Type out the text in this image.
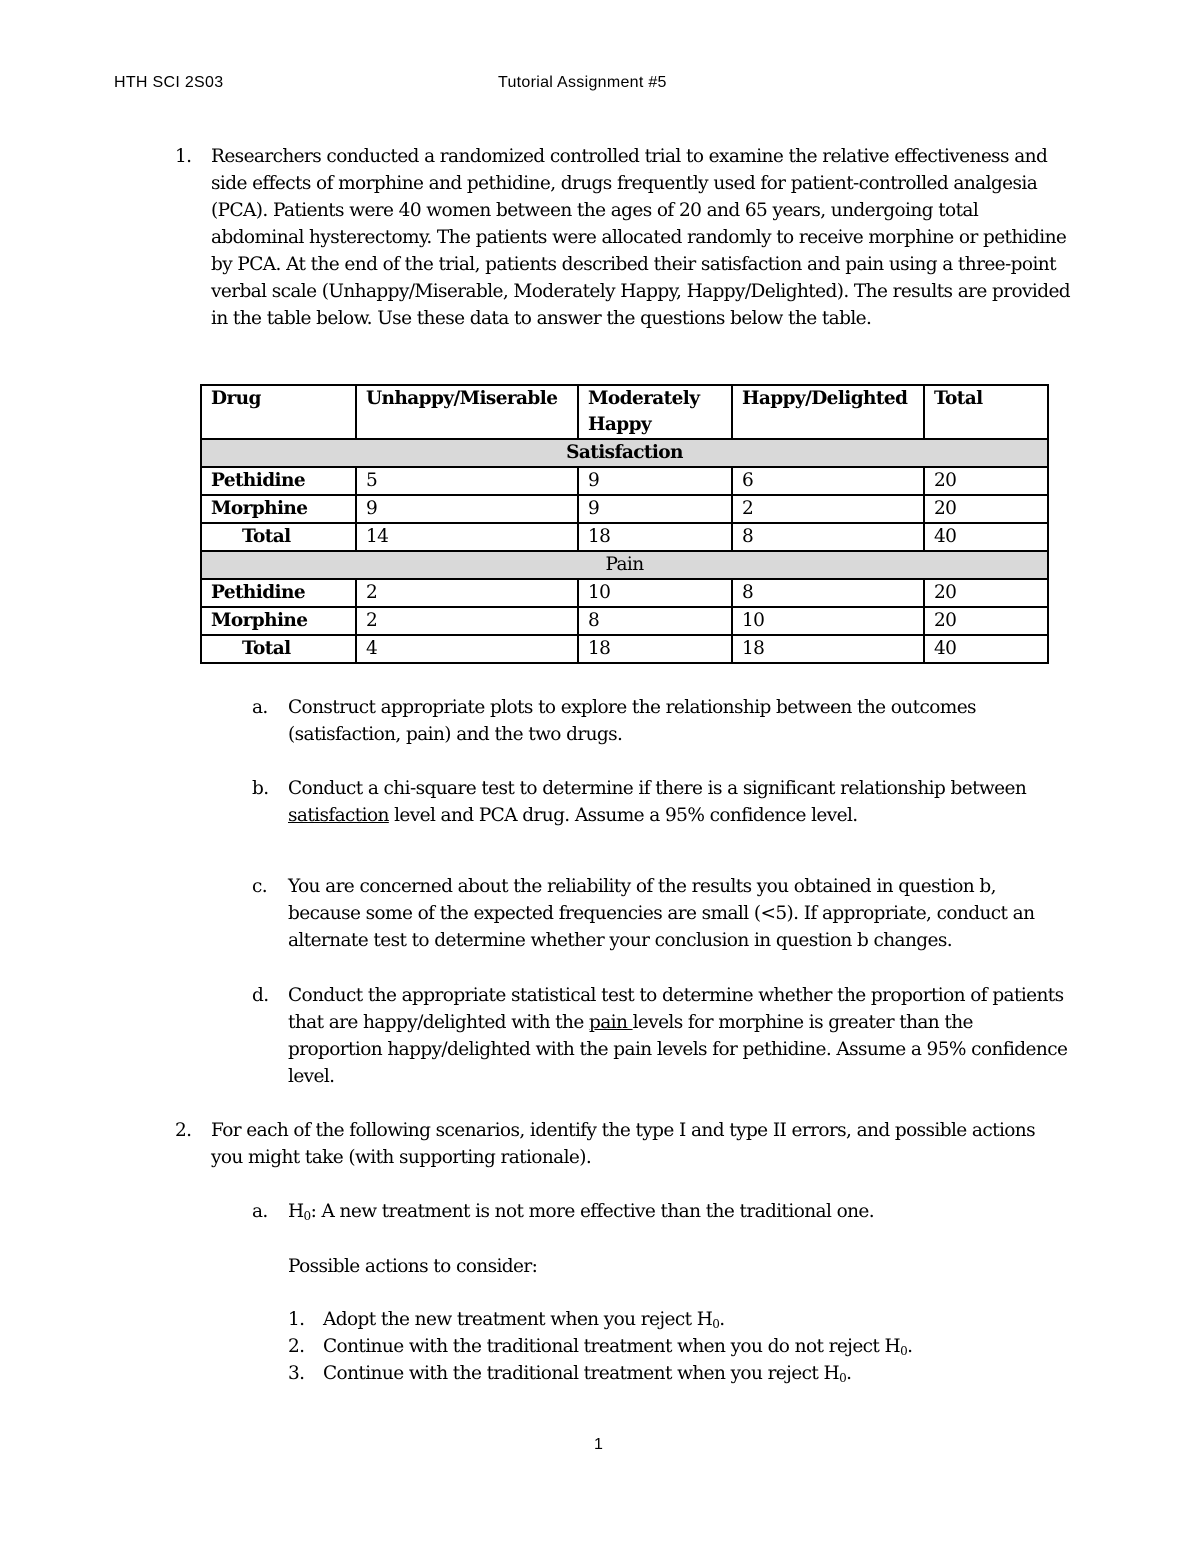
HTH SCI 2S03	Tutorial Assignment #5
1. Researchers conducted a randomized controlled trial to examine the relative effectiveness and side effects of morphine and pethidine, drugs frequently used for patient-controlled analgesia (PCA). Patients were 40 women between the ages of 20 and 65 years, undergoing total abdominal hysterectomy. The patients were allocated randomly to receive morphine or pethidine by PCA. At the end of the trial, patients described their satisfaction and pain using a three-point verbal scale (Unhappy/Miserable, Moderately Happy, Happy/Delighted). The results are provided in the table below. Use these data to answer the questions below the table.

Drug	Unhappy/Miserable	Moderately Happy	Happy/Delighted	Total
Satisfaction				
Pethidine	5	9	6	20
Morphine	9	9	2	20
Total	14	18	8	40
Pain				
Pethidine	2	10	8	20
Morphine	2	8	10	20
Total	4	18	18	40
a. Construct appropriate plots to explore the relationship between the outcomes (satisfaction, pain) and the two drugs.

b. Conduct a chi-square test to determine if there is a significant relationship between satisfaction level and PCA drug. Assume a 95% confidence level.

c. You are concerned about the reliability of the results you obtained in question b, because some of the expected frequencies are small (<5). If appropriate, conduct an alternate test to determine whether your conclusion in question b changes.

d. Conduct the appropriate statistical test to determine whether the proportion of patients that are happy/delighted with the pain levels for morphine is greater than the proportion happy/delighted with the pain levels for pethidine. Assume a 95% confidence level.

2. For each of the following scenarios, identify the type I and type II errors, and possible actions you might take (with supporting rationale).

a. $H_0$: A new treatment is not more effective than the traditional one.

Possible actions to consider:

1. Adopt the new treatment when you reject $H_0$.

2. Continue with the traditional treatment when you do not reject $H_0$.

3. Continue with the traditional treatment when you reject $H_0$.

1
